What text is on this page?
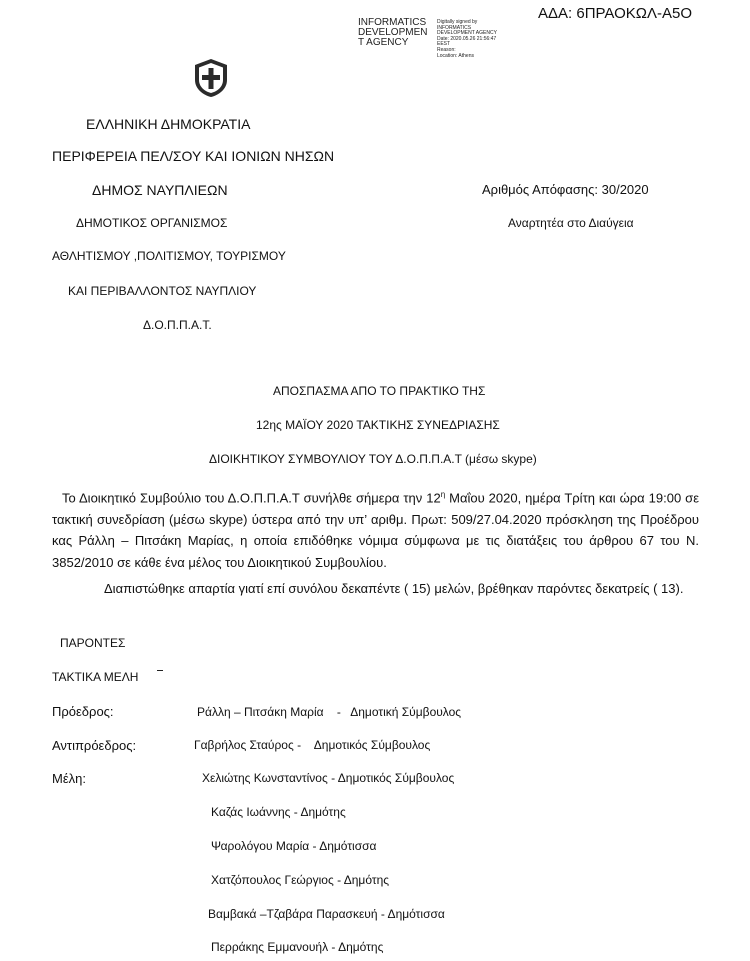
INFORMATICS
DEVELOPMEN
T AGENCY
Digitally signed by
INFORMATICS
DEVELOPMENT AGENCY
Date: 2020.05.26 21:56:47
EEST
Reason:
Location: Athens
ΑΔΑ: 6ΠΡΑΟΚΩΛ-Α5Ο
ΕΛΛΗΝΙΚΗ ΔΗΜΟΚΡΑΤΙΑ
ΠΕΡΙΦΕΡΕΙΑ ΠΕΛ/ΣΟΥ ΚΑΙ ΙΟΝΙΩΝ ΝΗΣΩΝ
ΔΗΜΟΣ ΝΑΥΠΛΙΕΩΝ
ΔΗΜΟΤΙΚΟΣ ΟΡΓΑΝΙΣΜΟΣ
ΑΘΛΗΤΙΣΜΟΥ ,ΠΟΛΙΤΙΣΜΟΥ, ΤΟΥΡΙΣΜΟΥ
ΚΑΙ ΠΕΡΙΒΑΛΛΟΝΤΟΣ ΝΑΥΠΛΙΟΥ
Δ.Ο.Π.Π.Α.Τ.
Αριθμός Απόφασης: 30/2020
Αναρτητέα στο Διαύγεια
ΑΠΟΣΠΑΣΜΑ ΑΠΟ ΤΟ ΠΡΑΚΤΙΚΟ ΤΗΣ
12ης ΜΑΪΟΥ 2020 ΤΑΚΤΙΚΗΣ ΣΥΝΕΔΡΙΑΣΗΣ
ΔΙΟΙΚΗΤΙΚΟΥ ΣΥΜΒΟΥΛΙΟΥ ΤΟΥ Δ.Ο.Π.Π.Α.Τ (μέσω skype)
Το Διοικητικό Συμβούλιο του Δ.Ο.Π.Π.Α.Τ συνήλθε σήμερα την $12^\eta$ Μαΐου 2020, ημέρα Τρίτη και ώρα 19:00 σε τακτική συνεδρίαση (μέσω skype) ύστερα από την υπ’ αριθμ. Πρωτ: 509/27.04.2020 πρόσκληση της Προέδρου κας Ράλλη – Πιτσάκη Μαρίας, η οποία επιδόθηκε νόμιμα σύμφωνα με τις διατάξεις του άρθρου 67 του Ν. 3852/2010 σε κάθε ένα μέλος του Διοικητικού Συμβουλίου.
Διαπιστώθηκε απαρτία γιατί επί συνόλου δεκαπέντε ( 15) μελών, βρέθηκαν παρόντες δεκατρείς ( 13).
ΠΑΡΟΝΤΕΣ
ΤΑΚΤΙΚΑ ΜΕΛΗ
Πρόεδρος:	Ράλλη – Πιτσάκη Μαρία    -   Δημοτική Σύμβουλος
Αντιπρόεδρος:	Γαβρήλος Σταύρος -    Δημοτικός Σύμβουλος
Μέλη:	Χελιώτης Κωνσταντίνος - Δημοτικός Σύμβουλος
Καζάς Ιωάννης - Δημότης
Ψαρολόγου Μαρία - Δημότισσα
Χατζόπουλος Γεώργιος - Δημότης
Βαμβακά –Τζαβάρα Παρασκευή - Δημότισσα
Περράκης Εμμανουήλ - Δημότης
